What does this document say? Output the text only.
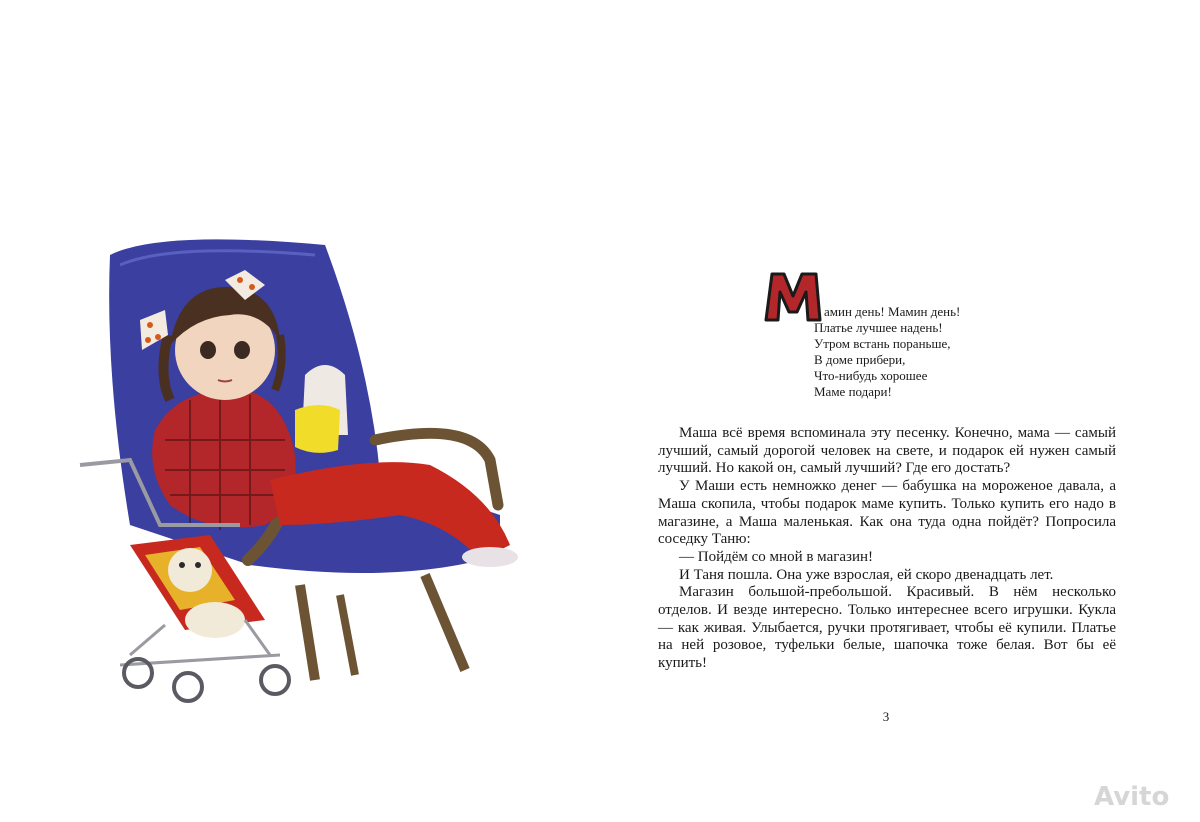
амин день! Мамин день!
Платье лучшее надень!
Утром встань пораньше,
В доме прибери,
Что-нибудь хорошее
Маме подари!

Маша всё время вспоминала эту песенку. Конечно, мама — самый лучший, самый дорогой человек на свете, и подарок ей нужен самый лучший. Но какой он, самый лучший? Где его достать?

У Маши есть немножко денег — бабушка на мороженое давала, а Маша скопила, чтобы подарок маме купить. Только купить его надо в магазине, а Маша маленькая. Как она туда одна пойдёт? Попросила соседку Таню:

— Пойдём со мной в магазин!

И Таня пошла. Она уже взрослая, ей скоро двенадцать лет.

Магазин большой-пребольшой. Красивый. В нём несколько отделов. И везде интересно. Только интереснее всего игрушки. Кукла — как живая. Улыбается, ручки протягивает, чтобы её купили. Платье на ней розовое, туфельки белые, шапочка тоже белая. Вот бы её купить!

3
Avito
